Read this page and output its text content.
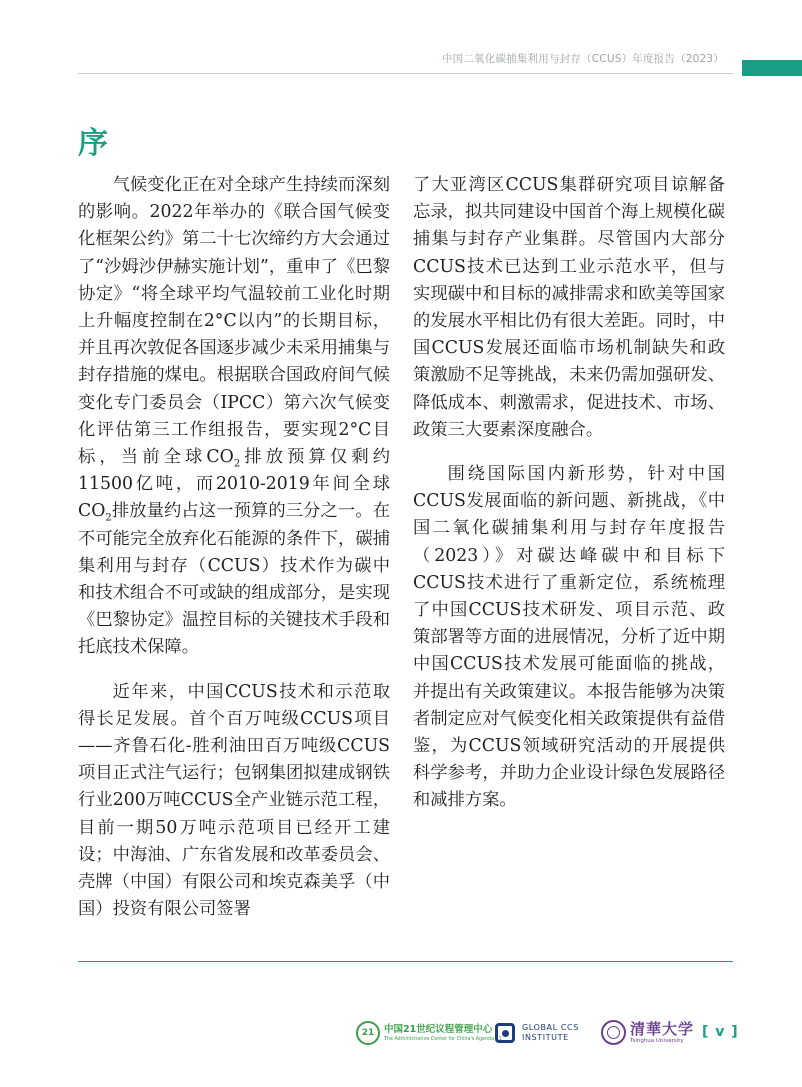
中国二氧化碳捕集利用与封存（CCUS）年度报告（2023）
序

气候变化正在对全球产生持续而深刻的影响。2022年举办的《联合国气候变化框架公约》第二十七次缔约方大会通过了“沙姆沙伊赫实施计划”，重申了《巴黎协定》“将全球平均气温较前工业化时期上升幅度控制在2°C以内”的长期目标，并且再次敦促各国逐步减少未采用捕集与封存措施的煤电。根据联合国政府间气候变化专门委员会（IPCC）第六次气候变化评估第三工作组报告，要实现2°C目标，当前全球$CO_2$排放预算仅剩约11500亿吨，而2010-2019年间全球$CO_2$排放量约占这一预算的三分之一。在不可能完全放弃化石能源的条件下，碳捕集利用与封存（CCUS）技术作为碳中和技术组合不可或缺的组成部分，是实现《巴黎协定》温控目标的关键技术手段和托底技术保障。

近年来，中国CCUS技术和示范取得长足发展。首个百万吨级CCUS项目——齐鲁石化-胜利油田百万吨级CCUS项目正式注气运行；包钢集团拟建成钢铁行业200万吨CCUS全产业链示范工程，目前一期50万吨示范项目已经开工建设；中海油、广东省发展和改革委员会、壳牌（中国）有限公司和埃克森美孚（中国）投资有限公司签署

了大亚湾区CCUS集群研究项目谅解备忘录，拟共同建设中国首个海上规模化碳捕集与封存产业集群。尽管国内大部分CCUS技术已达到工业示范水平，但与实现碳中和目标的减排需求和欧美等国家的发展水平相比仍有很大差距。同时，中国CCUS发展还面临市场机制缺失和政策激励不足等挑战，未来仍需加强研发、降低成本、刺激需求，促进技术、市场、政策三大要素深度融合。

围绕国际国内新形势，针对中国CCUS发展面临的新问题、新挑战，《中国二氧化碳捕集利用与封存年度报告（2023）》对碳达峰碳中和目标下CCUS技术进行了重新定位，系统梳理了中国CCUS技术研发、项目示范、政策部署等方面的进展情况，分析了近中期中国CCUS技术发展可能面临的挑战，并提出有关政策建议。本报告能够为决策者制定应对气候变化相关政策提供有益借鉴，为CCUS领域研究活动的开展提供科学参考，并助力企业设计绿色发展路径和减排方案。

21	中国21世纪议程管理中心
The Administrative Center for China's Agenda 21
GLOBAL CCS
INSTITUTE	清華大学
Tsinghua University
[ v ]
